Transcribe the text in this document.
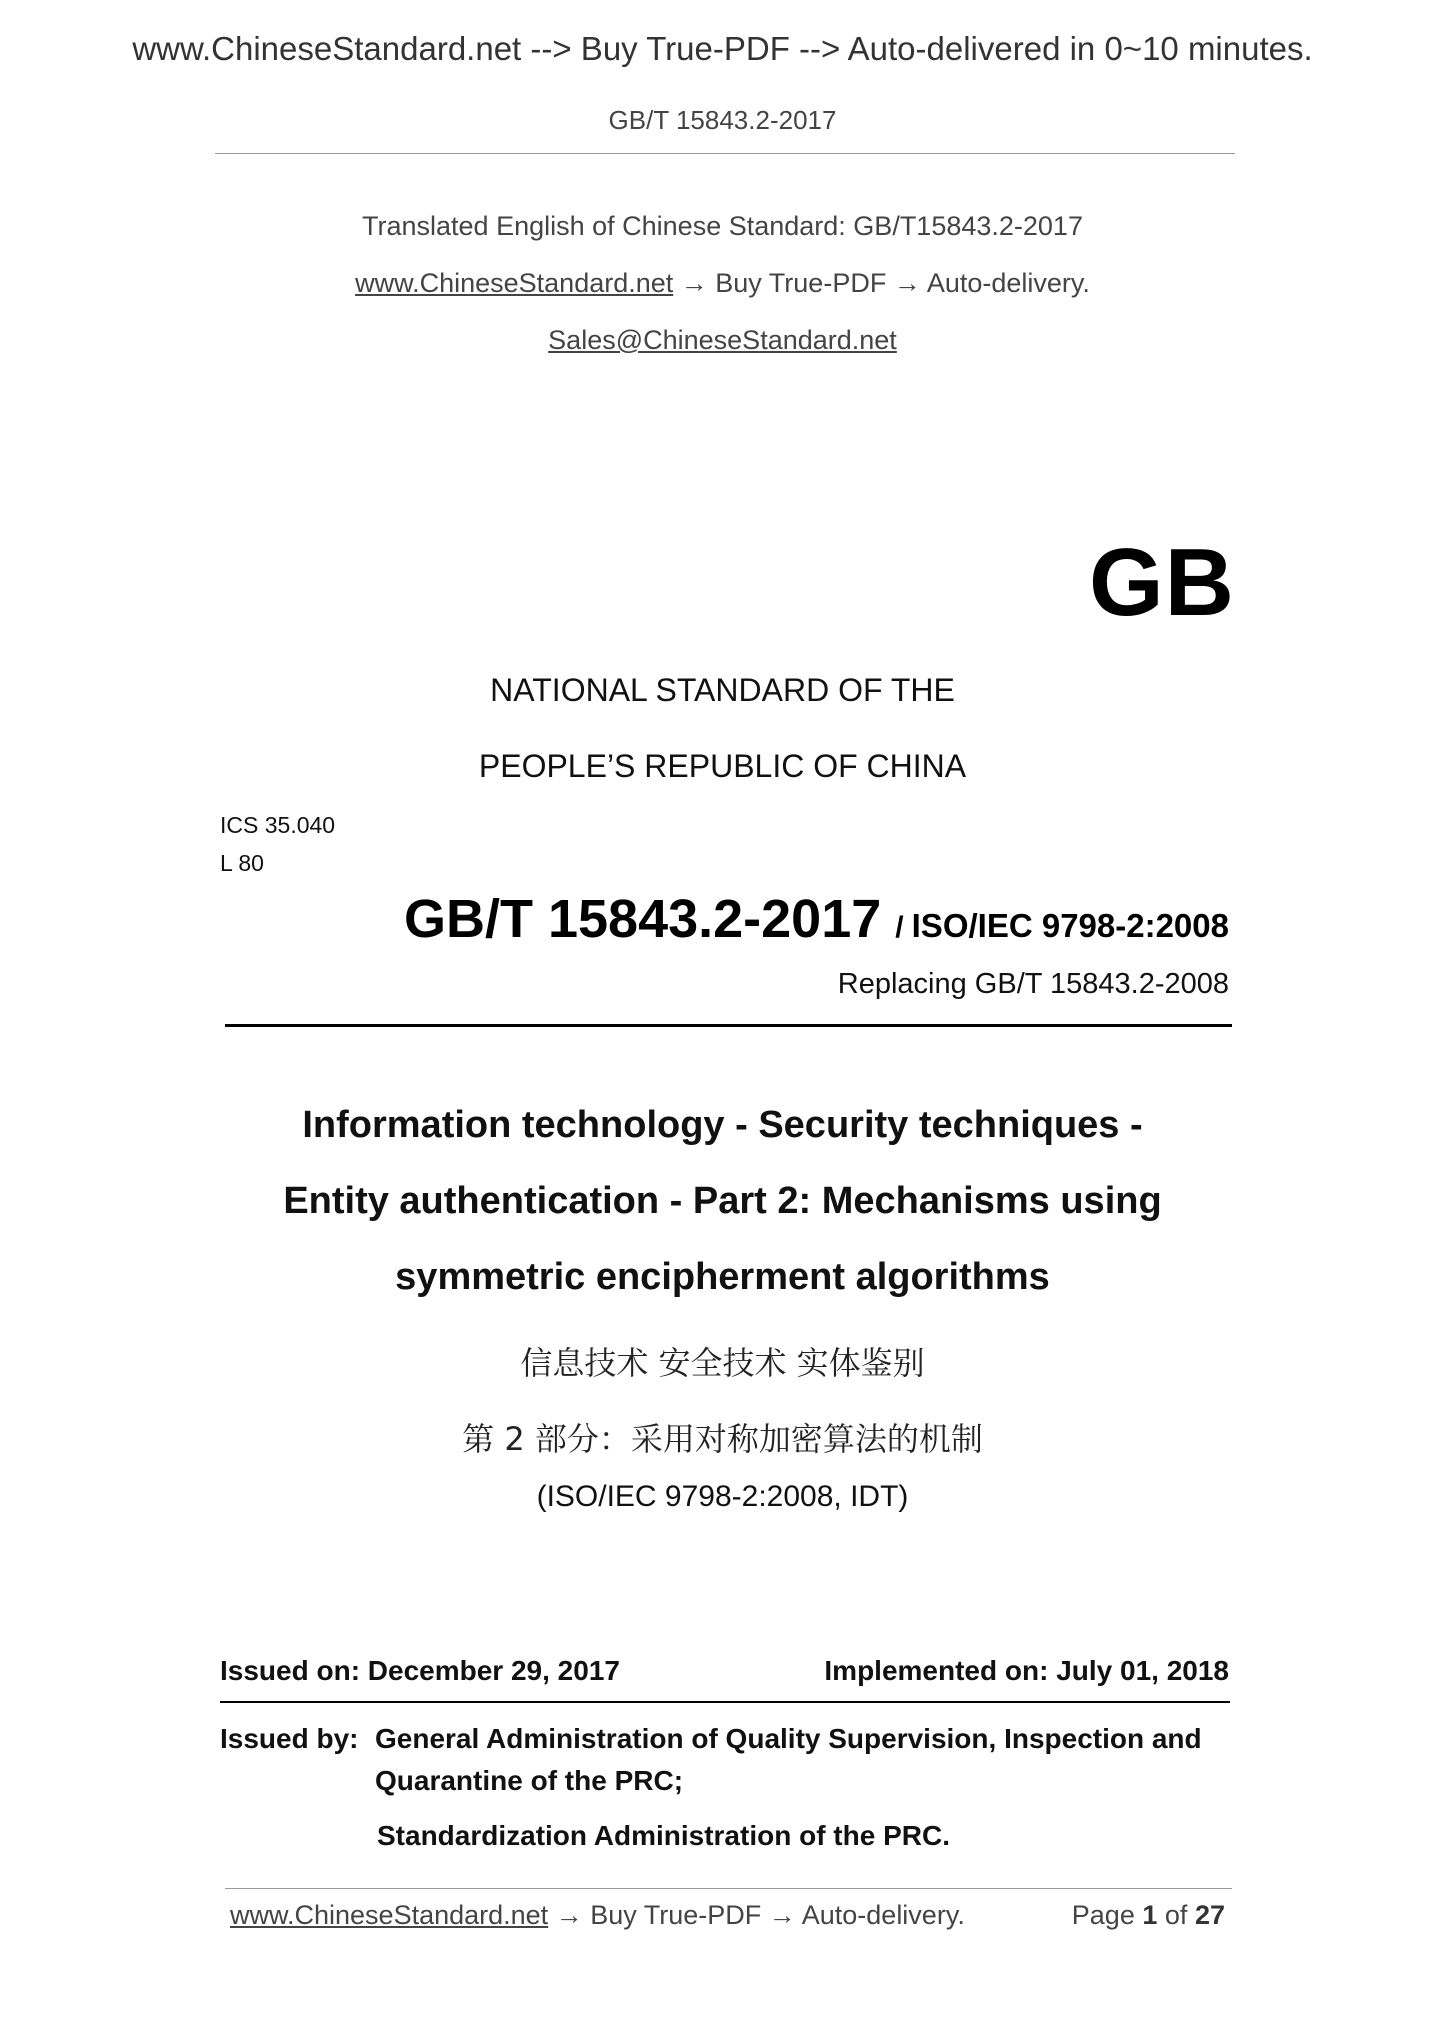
www.ChineseStandard.net --> Buy True-PDF --> Auto-delivered in 0~10 minutes.
GB/T 15843.2-2017
Translated English of Chinese Standard: GB/T15843.2-2017
www.ChineseStandard.net → Buy True-PDF → Auto-delivery.
Sales@ChineseStandard.net
GB
NATIONAL STANDARD OF THE
PEOPLE’S REPUBLIC OF CHINA
ICS 35.040
L 80
GB/T 15843.2-2017 / ISO/IEC 9798-2:2008
Replacing GB/T 15843.2-2008
Information technology - Security techniques -
Entity authentication - Part 2: Mechanisms using
symmetric encipherment algorithms
信息技术 安全技术 实体鉴别
第 2 部分：采用对称加密算法的机制
(ISO/IEC 9798-2:2008, IDT)
Issued on: December 29, 2017	Implemented on: July 01, 2018
Issued by: General Administration of Quality Supervision, Inspection and
Quarantine of the PRC;
Standardization Administration of the PRC.
www.ChineseStandard.net → Buy True-PDF → Auto-delivery.	Page 1 of 27
